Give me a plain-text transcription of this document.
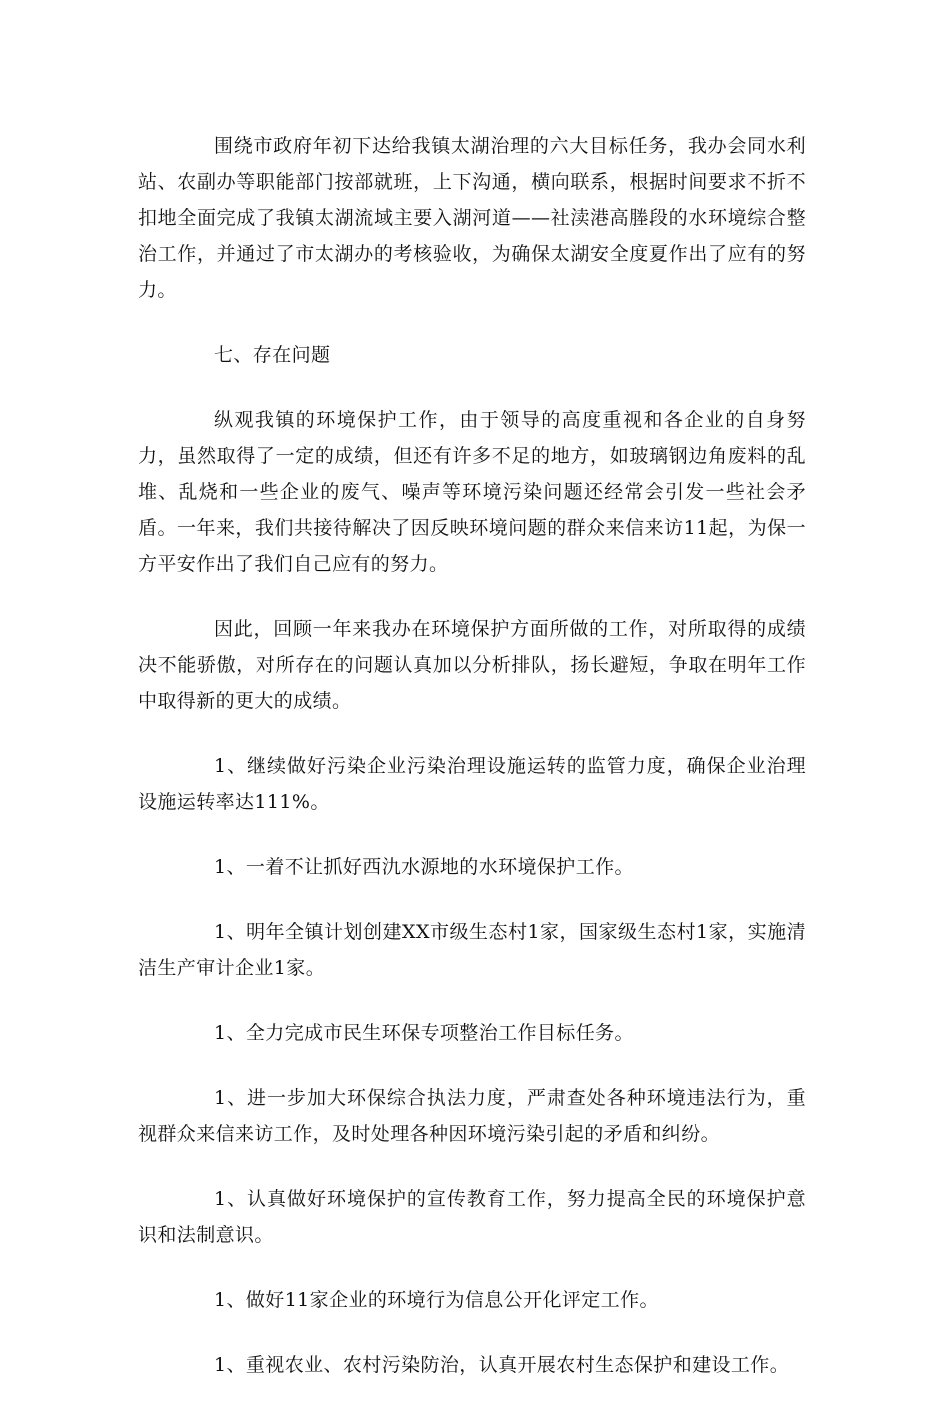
围绕市政府年初下达给我镇太湖治理的六大目标任务，我办会同水利站、农副办等职能部门按部就班，上下沟通，横向联系，根据时间要求不折不扣地全面完成了我镇太湖流域主要入湖河道——社渎港高塍段的水环境综合整治工作，并通过了市太湖办的考核验收，为确保太湖安全度夏作出了应有的努力。

七、存在问题

纵观我镇的环境保护工作，由于领导的高度重视和各企业的自身努力，虽然取得了一定的成绩，但还有许多不足的地方，如玻璃钢边角废料的乱堆、乱烧和一些企业的废气、噪声等环境污染问题还经常会引发一些社会矛盾。一年来，我们共接待解决了因反映环境问题的群众来信来访11起，为保一方平安作出了我们自己应有的努力。

因此，回顾一年来我办在环境保护方面所做的工作，对所取得的成绩决不能骄傲，对所存在的问题认真加以分析排队，扬长避短，争取在明年工作中取得新的更大的成绩。

1、继续做好污染企业污染治理设施运转的监管力度，确保企业治理设施运转率达111%。

1、一着不让抓好西氿水源地的水环境保护工作。

1、明年全镇计划创建XX市级生态村1家，国家级生态村1家，实施清洁生产审计企业1家。

1、全力完成市民生环保专项整治工作目标任务。

1、进一步加大环保综合执法力度，严肃查处各种环境违法行为，重视群众来信来访工作，及时处理各种因环境污染引起的矛盾和纠纷。

1、认真做好环境保护的宣传教育工作，努力提高全民的环境保护意识和法制意识。

1、做好11家企业的环境行为信息公开化评定工作。

1、重视农业、农村污染防治，认真开展农村生态保护和建设工作。
